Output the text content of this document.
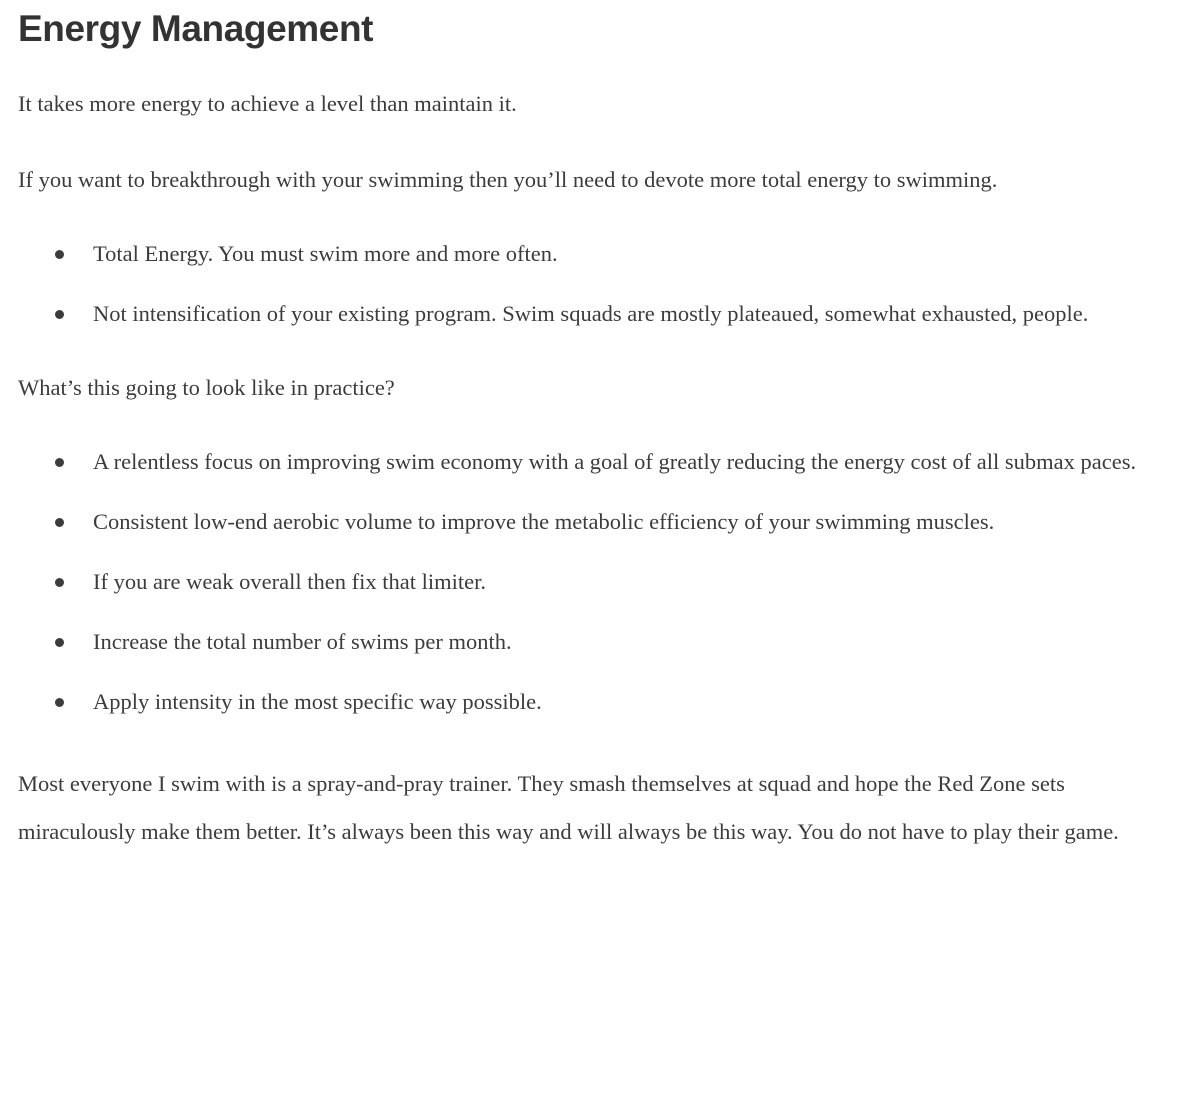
Energy Management

It takes more energy to achieve a level than maintain it.

If you want to breakthrough with your swimming then you’ll need to devote more total energy to swimming.

Total Energy. You must swim more and more often.
Not intensification of your existing program. Swim squads are mostly plateaued, somewhat exhausted, people.

What’s this going to look like in practice?

A relentless focus on improving swim economy with a goal of greatly reducing the energy cost of all submax paces.
Consistent low-end aerobic volume to improve the metabolic efficiency of your swimming muscles.
If you are weak overall then fix that limiter.
Increase the total number of swims per month.
Apply intensity in the most specific way possible.

Most everyone I swim with is a spray-and-pray trainer. They smash themselves at squad and hope the Red Zone sets miraculously make them better. It’s always been this way and will always be this way. You do not have to play their game.
